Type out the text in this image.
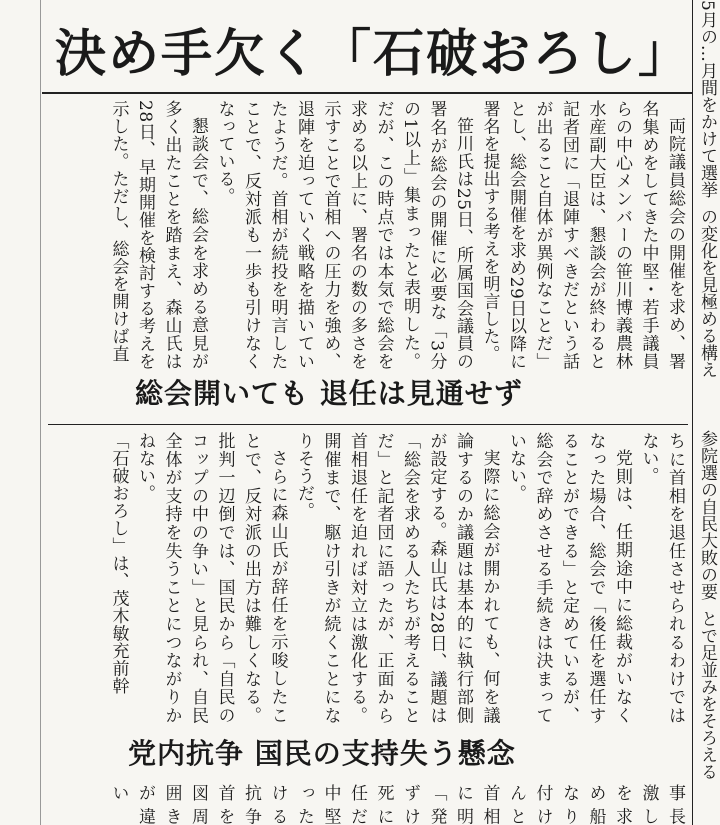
決め手欠く「石破おろし」

両院議員総会の開催を求め、署名集めをしてきた中堅・若手議員らの中心メンバーの笹川博義農林水産副大臣は、懇談会が終わると記者団に「退陣すべきだという話が出ること自体が異例なことだ」とし、総会開催を求め29日以降に署名を提出する考えを明言した。

笹川氏は25日、所属国会議員の署名が総会の開催に必要な「3分の1以上」集まったと表明した。だが、この時点では本気で総会を求める以上に、署名の数の多さを示すことで首相への圧力を強め、退陣を迫っていく戦略を描いていたようだ。首相が続投を明言したことで、反対派も一歩も引けなくなっている。

懇談会で、総会を求める意見が多く出たことを踏まえ、森山氏は28日、早期開催を検討する考えを示した。ただし、総会を開けば直

総会開いても 退任は見通せず

ちに首相を退任させられるわけではない。

党則は、任期途中に総裁がいなくなった場合、総会で「後任を選任することができる」と定めているが、総会で辞めさせる手続きは決まっていない。

実際に総会が開かれても、何を議論するのか議題は基本的に執行部側が設定する。森山氏は28日、議題は「総会を求める人たちが考えることだ」と記者団に語ったが、正面から首相退任を迫れば対立は激化する。開催まで、駆け引きが続くことになりそうだ。

さらに森山氏が辞任を示唆したことで、反対派の出方は難しくなる。批判一辺倒では、国民から「自民のコップの中の争い」と見られ、自民全体が支持を失うことにつながりかねない。

「石破おろし」は、茂木敏充前幹

党内抗争 国民の支持失う懸念

事長激しを求め船なり付けんと首相に明「発ずけ死に任だ中堅ったける抗争首を図周囲きが違い

5月の…月間をかけて選挙
の変化を見極める構え
参院選の自民大敗の要
とで足並みをそろえる
